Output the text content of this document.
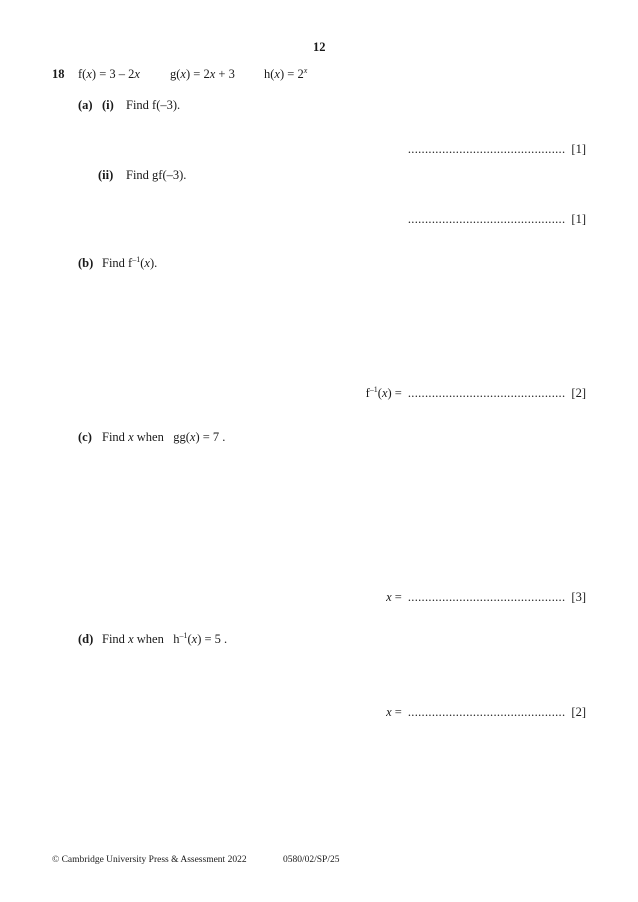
12
18 f(x) = 3 – 2x g(x) = 2x + 3 $h(x) = 2^x$
(a) (i) Find f(–3).
.............................................. [1]
(ii) Find gf(–3).
.............................................. [1]
(b) Find $f^{-1}(x)$.
$f^{-1}(x)$ = .............................................. [2]
(c) Find x when   gg(x) = 7 .
x = .............................................. [3]
(d) Find x when   $h^{-1}(x) = 5$ .
x = .............................................. [2]
© Cambridge University Press & Assessment 2022	0580/02/SP/25
